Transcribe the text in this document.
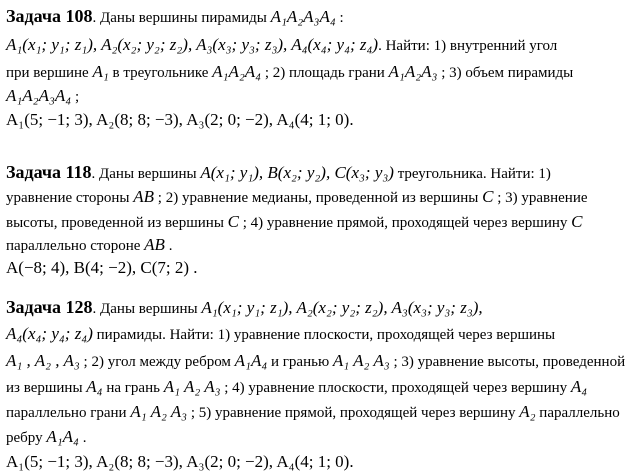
Задача 108. Даны вершины пирамиды A₁A₂A₃A₄ :
A₁(x₁; y₁; z₁), A₂(x₂; y₂; z₂), A₃(x₃; y₃; z₃), A₄(x₄; y₄; z₄). Найти: 1) внутренний угол
при вершине A₁ в треугольнике A₁A₂A₄ ; 2) площадь грани A₁A₂A₃ ; 3) объем пирамиды
A₁A₂A₃A₄ ;
A₁(5; −1; 3), A₂(8; 8; −3), A₃(2; 0; −2), A₄(4; 1; 0).
Задача 118. Даны вершины A(x₁; y₁), B(x₂; y₂), C(x₃; y₃) треугольника. Найти: 1)
уравнение стороны AB ; 2) уравнение медианы, проведенной из вершины C ; 3) уравнение
высоты, проведенной из вершины C ; 4) уравнение прямой, проходящей через вершину C
параллельно стороне AB .
A(−8; 4), B(4; −2), C(7; 2) .
Задача 128. Даны вершины A₁(x₁; y₁; z₁), A₂(x₂; y₂; z₂), A₃(x₃; y₃; z₃),
A₄(x₄; y₄; z₄) пирамиды. Найти: 1) уравнение плоскости, проходящей через вершины
A₁ , A₂ , A₃ ; 2) угол между ребром A₁A₄ и гранью A₁ A₂ A₃ ; 3) уравнение высоты, проведенной
из вершины A₄ на грань A₁ A₂ A₃ ; 4) уравнение плоскости, проходящей через вершину A₄
параллельно грани A₁ A₂ A₃ ; 5) уравнение прямой, проходящей через вершину A₂ параллельно
ребру A₁A₄ .
A₁(5; −1; 3), A₂(8; 8; −3), A₃(2; 0; −2), A₄(4; 1; 0).
